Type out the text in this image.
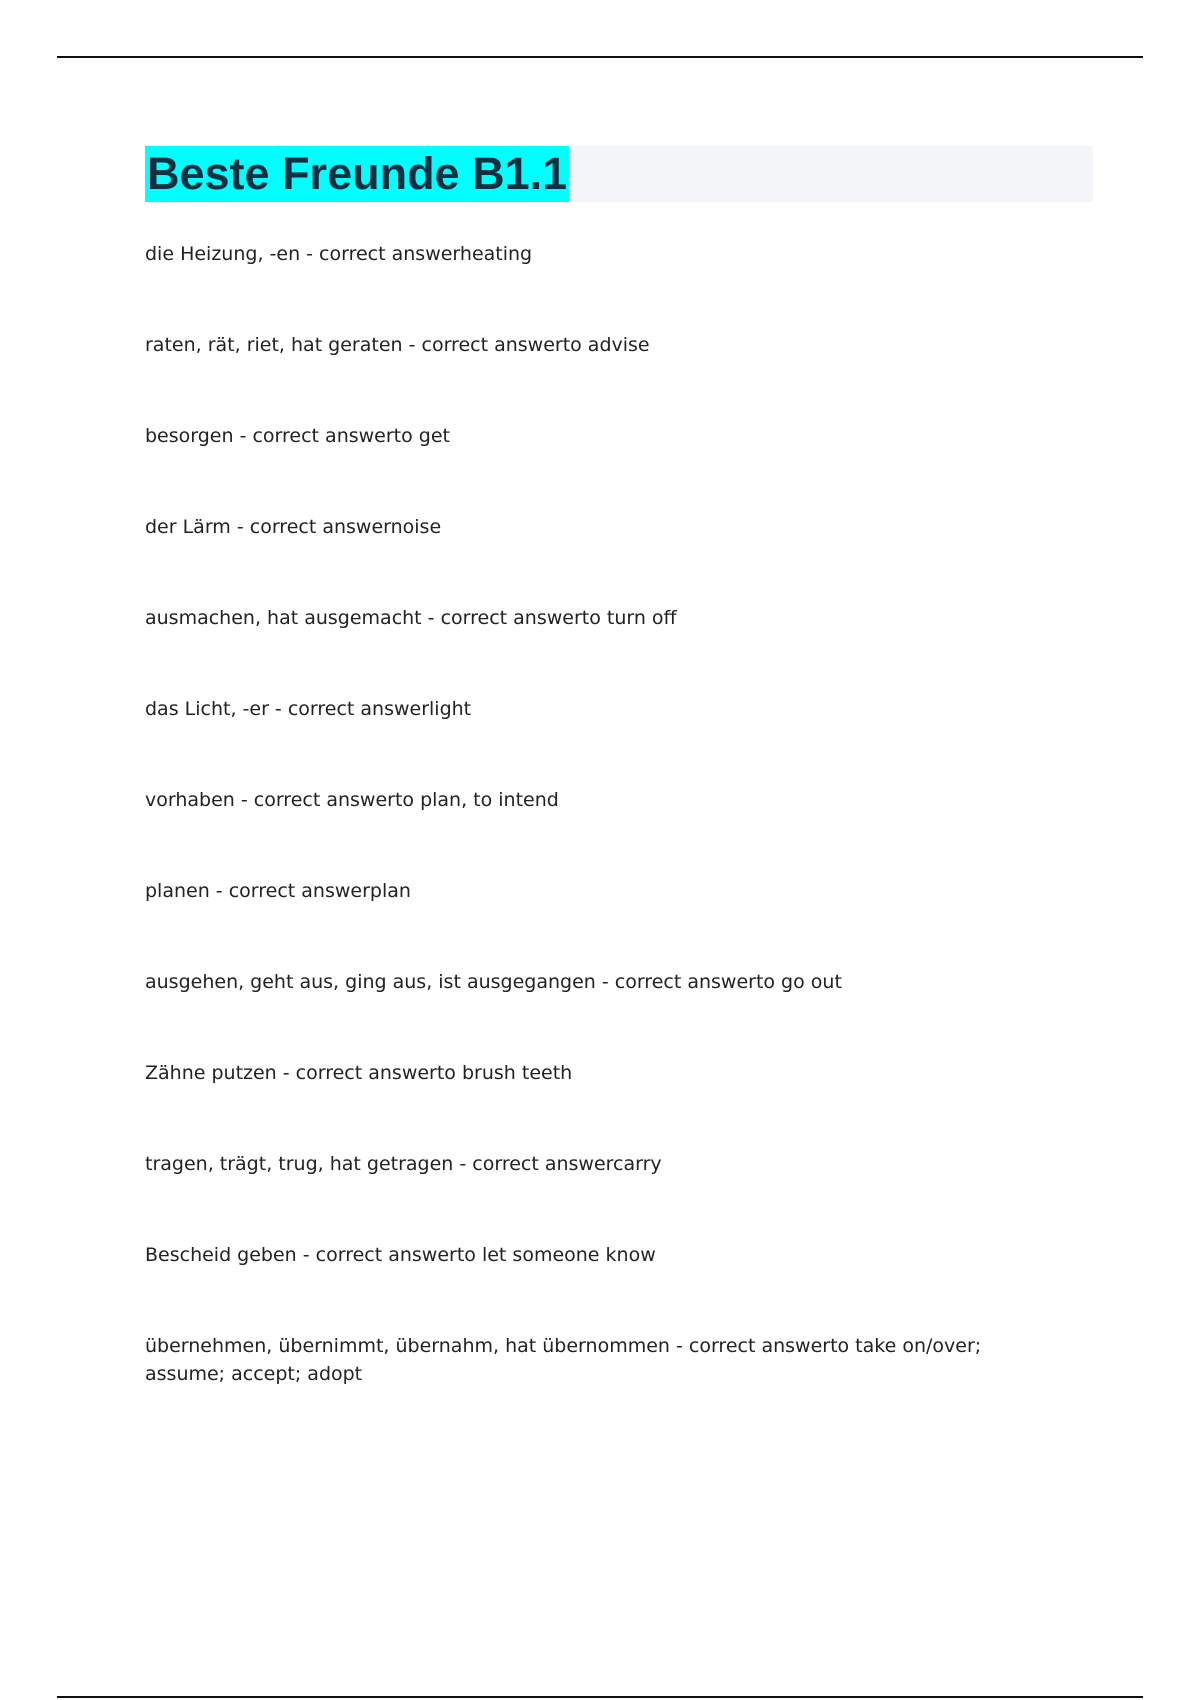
Beste Freunde B1.1
die Heizung, -en - correct answerheating
raten, rät, riet, hat geraten - correct answerto advise
besorgen - correct answerto get
der Lärm - correct answernoise
ausmachen, hat ausgemacht - correct answerto turn off
das Licht, -er - correct answerlight
vorhaben - correct answerto plan, to intend
planen - correct answerplan
ausgehen, geht aus, ging aus, ist ausgegangen - correct answerto go out
Zähne putzen - correct answerto brush teeth
tragen, trägt, trug, hat getragen - correct answercarry
Bescheid geben - correct answerto let someone know
übernehmen, übernimmt, übernahm, hat übernommen - correct answerto take on/over; assume; accept; adopt
